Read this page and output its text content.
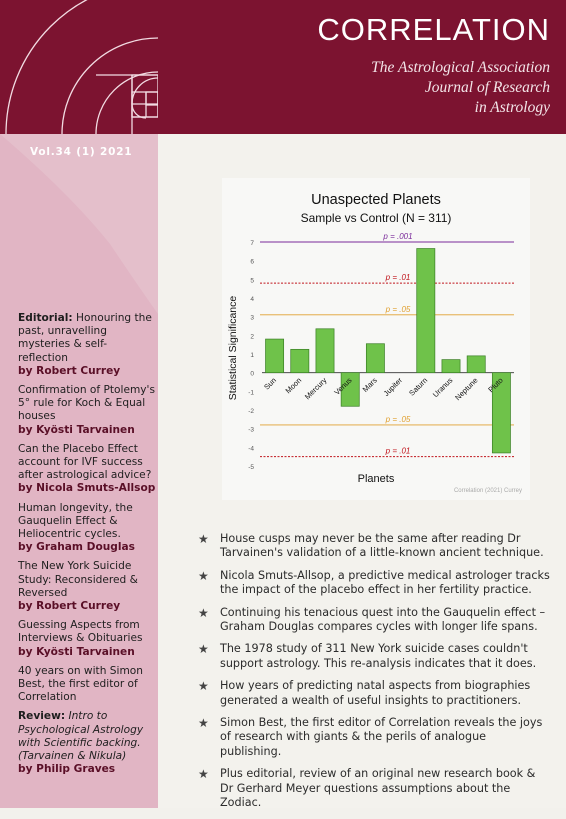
CORRELATION
The Astrological Association
Journal of Research
in Astrology
Vol.34 (1) 2021
Editorial: Honouring the past, unravelling mysteries & self-reflection
by Robert Currey
Confirmation of Ptolemy's 5° rule for Koch & Equal houses
by Kyösti Tarvainen
Can the Placebo Effect account for IVF success after astrological advice?
by Nicola Smuts-Allsop
Human longevity, the Gauquelin Effect & Heliocentric cycles.
by Graham Douglas
The New York Suicide Study: Reconsidered & Reversed
by Robert Currey
Guessing Aspects from Interviews & Obituaries
by Kyösti Tarvainen
40 years on with Simon Best, the first editor of Correlation
Review: Intro to Psychological Astrology with Scientific backing. (Tarvainen & Nikula)
by Philip Graves
Unaspected Planets
Sample vs Control (N = 311)
Statistical Significance
Planets
Correlation (2021) Currey
-5
-4
-3
-2
-1
0
1
2
3
4
5
6
7
p = .001
p = .01
p = .05
p = .05
p = .01
Sun Moon Mercury Venus Mars Jupiter Saturn Uranus
Neptune Pluto
★ House cusps may never be the same after reading Dr Tarvainen's validation of a little-known ancient technique.
★ Nicola Smuts-Allsop, a predictive medical astrologer tracks the impact of the placebo effect in her fertility practice.
★ Continuing his tenacious quest into the Gauquelin effect – Graham Douglas compares cycles with longer life spans.
★ The 1978 study of 311 New York suicide cases couldn't support astrology. This re-analysis indicates that it does.
★ How years of predicting natal aspects from biographies generated a wealth of useful insights to practitioners.
★ Simon Best, the first editor of Correlation reveals the joys of research with giants & the perils of analogue publishing.
★ Plus editorial, review of an original new research book & Dr Gerhard Meyer questions assumptions about the Zodiac.
